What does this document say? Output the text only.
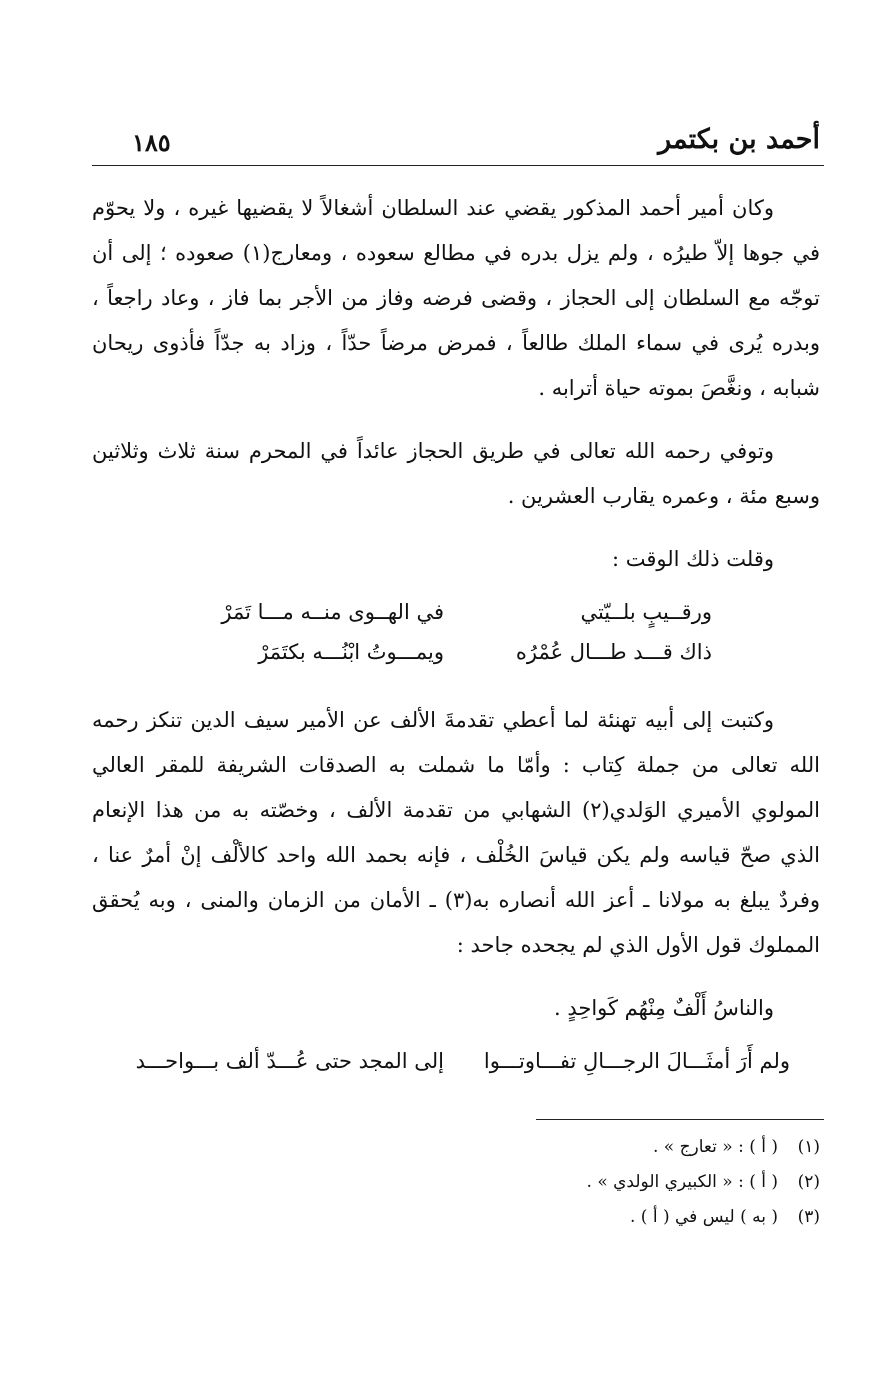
أحمد بن بكتمر
١٨٥

وكان أمير أحمد المذكور يقضي عند السلطان أشغالاً لا يقضيها غيره ، ولا يحوّم في جوها إلاّ طيرُه ، ولم يزل بدره في مطالع سعوده ، ومعارج(١) صعوده ؛ إلى أن توجّه مع السلطان إلى الحجاز ، وقضى فرضه وفاز من الأجر بما فاز ، وعاد راجعاً ، وبدره يُرى في سماء الملك طالعاً ، فمرض مرضاً حدّاً ، وزاد به جدّاً فأذوى ريحان شبابه ، ونغَّصَ بموته حياة أترابه .

وتوفي رحمه الله تعالى في طريق الحجاز عائداً في المحرم سنة ثلاث وثلاثين وسبع مئة ، وعمره يقارب العشرين .

وقلت ذلك الوقت :

ورقــيبٍ بلــيّتي
في الهــوى منــه مـــا تَمَرْ
ذاك قـــد طـــال عُمْرُه
ويمـــوتُ ابْنُـــه بكتَمَرْ

وكتبت إلى أبيه تهنئة لما أعطي تقدمةَ الألف عن الأمير سيف الدين تنكز رحمه الله تعالى من جملة كِتاب : وأمّا ما شملت به الصدقات الشريفة للمقر العالي المولوي الأميري الوَلدي(٢) الشهابي من تقدمة الألف ، وخصّته به من هذا الإنعام الذي صحّ قياسه ولم يكن قياسَ الخُلْف ، فإنه بحمد الله واحد كالألْف إنْ أمرٌ عنا ، وفردٌ يبلغ به مولانا ـ أعز الله أنصاره به(٣) ـ الأمان من الزمان والمنى ، وبه يُحقق المملوك قول الأول الذي لم يجحده جاحد :

والناسُ أَلْفٌ مِنْهُم كَواحِدٍ .

ولم أَرَ أمثَـــالَ الرجـــالِ تفـــاوتـــوا
إلى المجد حتى عُـــدّ ألف بـــواحـــد
(١)
( أ ) : « تعارج » .
(٢)
( أ ) : « الكبيري الولدي » .
(٣)
( به ) ليس في ( أ ) .
